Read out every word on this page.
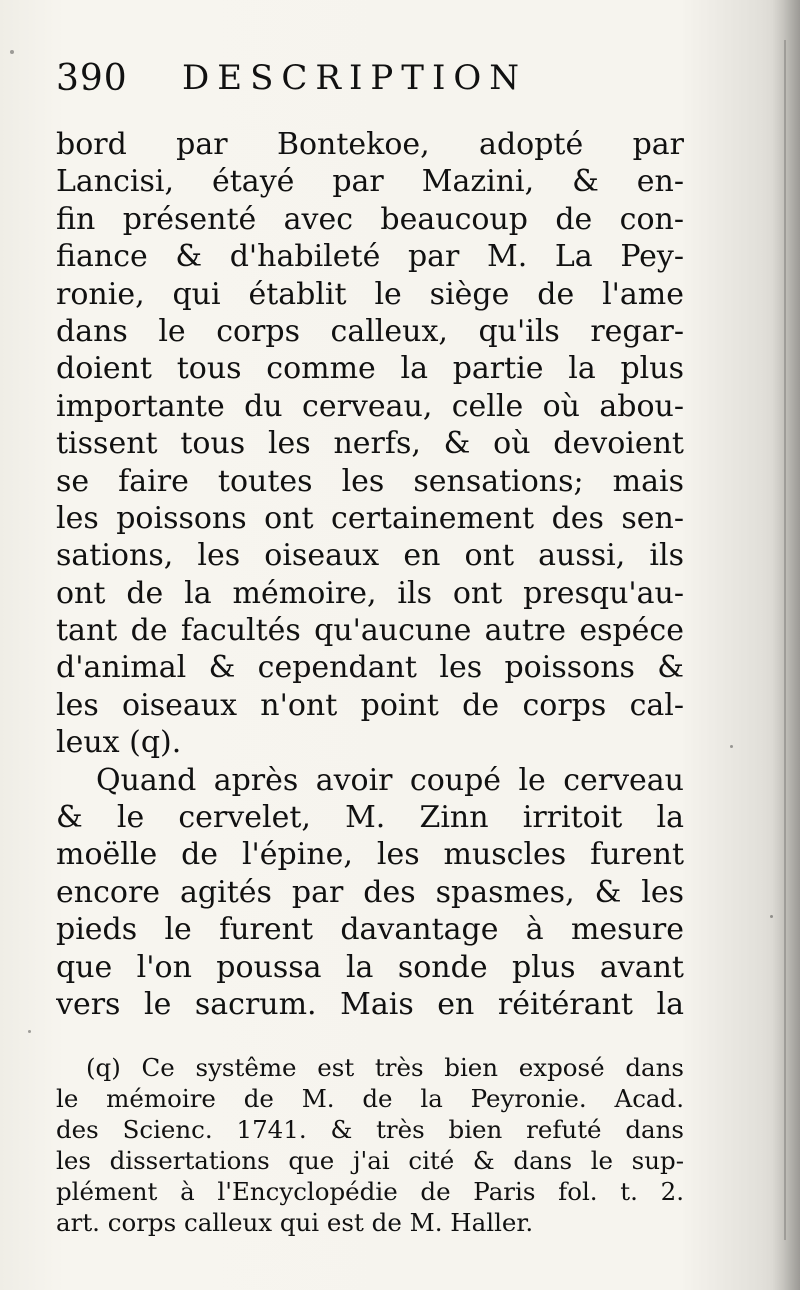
390 DESCRIPTION
bord par Bontekoe, adopté par
Lancisi, étayé par Mazini, & en-
fin présenté avec beaucoup de con-
fiance & d'habileté par M. La Pey-
ronie, qui établit le siège de l'ame
dans le corps calleux, qu'ils regar-
doient tous comme la partie la plus
importante du cerveau, celle où abou-
tissent tous les nerfs, & où devoient
se faire toutes les sensations; mais
les poissons ont certainement des sen-
sations, les oiseaux en ont aussi, ils
ont de la mémoire, ils ont presqu'au-
tant de facultés qu'aucune autre espéce
d'animal & cependant les poissons &
les oiseaux n'ont point de corps cal-
leux (q).
Quand après avoir coupé le cerveau
& le cervelet, M. Zinn irritoit la
moëlle de l'épine, les muscles furent
encore agités par des spasmes, & les
pieds le furent davantage à mesure
que l'on poussa la sonde plus avant
vers le sacrum. Mais en réitérant la
(q) Ce systême est très bien exposé dans
le mémoire de M. de la Peyronie. Acad.
des Scienc. 1741. & très bien refuté dans
les dissertations que j'ai cité & dans le sup-
plément à l'Encyclopédie de Paris fol. t. 2.
art. corps calleux qui est de M. Haller.
